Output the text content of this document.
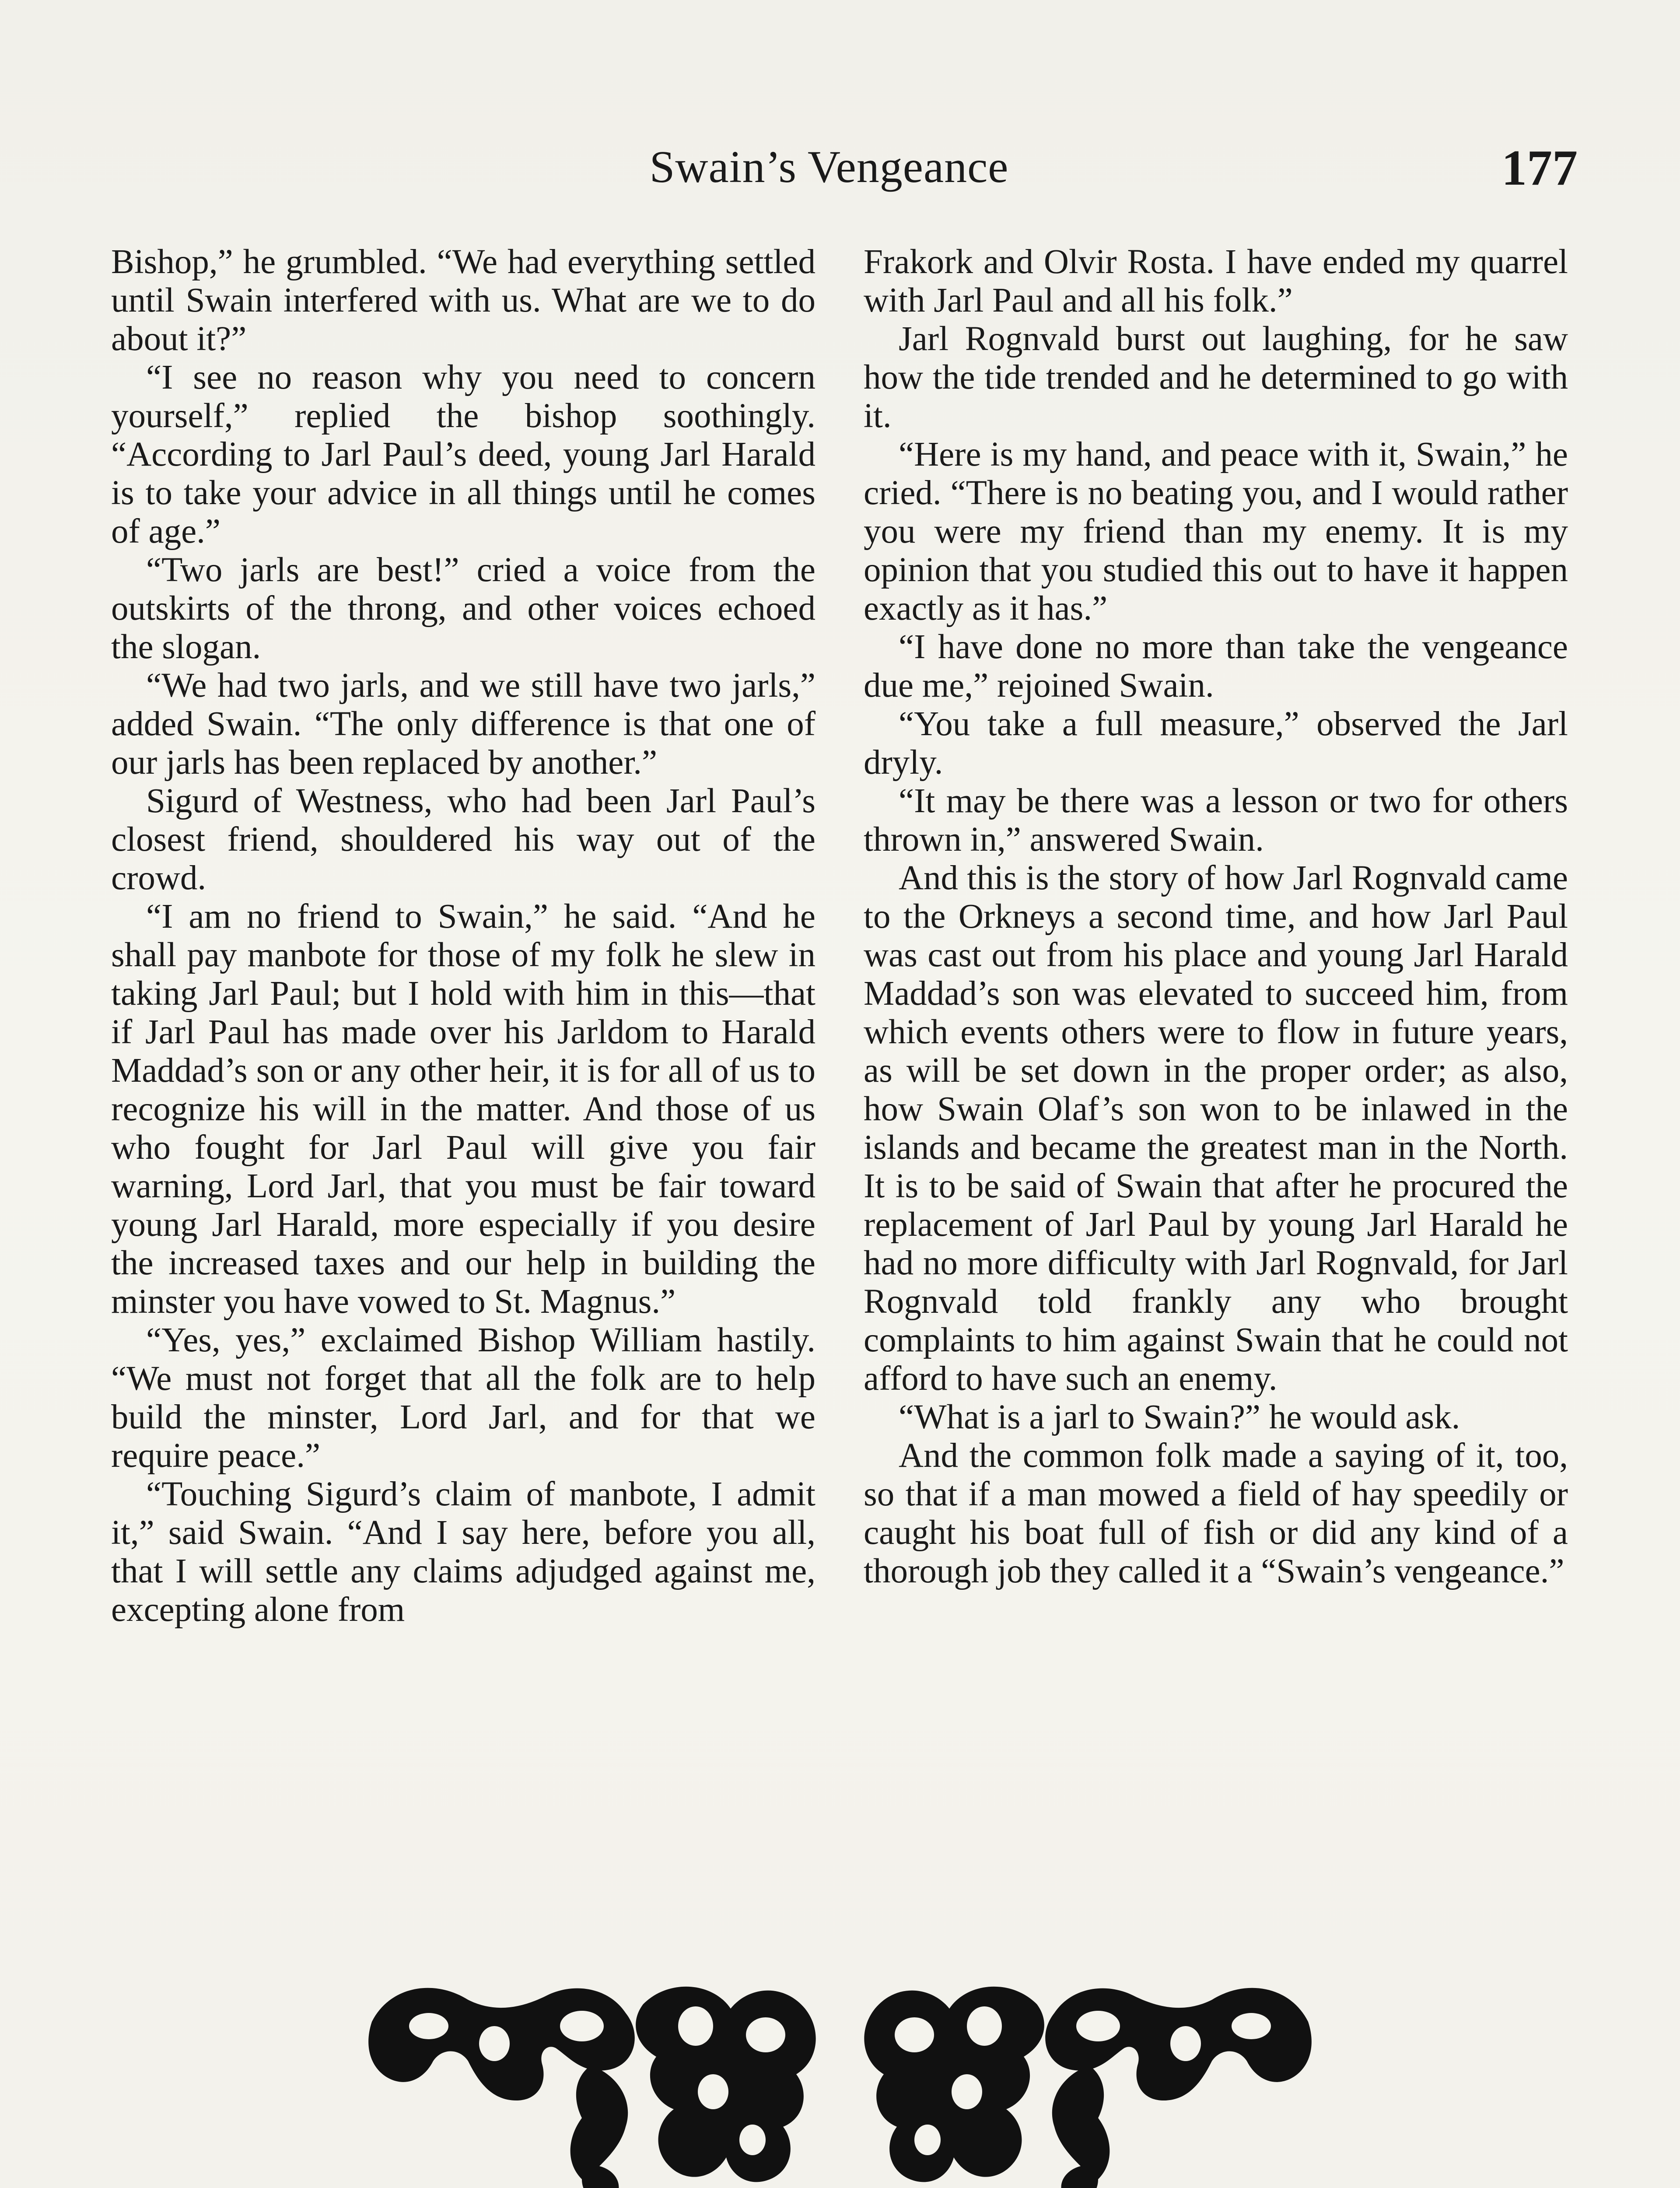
Swain’s Vengeance	177

Bishop,” he grumbled. “We had everything settled until Swain interfered with us. What are we to do about it?”

“I see no reason why you need to concern yourself,” replied the bishop soothingly. “According to Jarl Paul’s deed, young Jarl Harald is to take your advice in all things until he comes of age.”

“Two jarls are best!” cried a voice from the outskirts of the throng, and other voices echoed the slogan.

“We had two jarls, and we still have two jarls,” added Swain. “The only difference is that one of our jarls has been replaced by another.”

Sigurd of Westness, who had been Jarl Paul’s closest friend, shouldered his way out of the crowd.

“I am no friend to Swain,” he said. “And he shall pay manbote for those of my folk he slew in taking Jarl Paul; but I hold with him in this—that if Jarl Paul has made over his Jarldom to Harald Maddad’s son or any other heir, it is for all of us to recognize his will in the matter. And those of us who fought for Jarl Paul will give you fair warning, Lord Jarl, that you must be fair toward young Jarl Harald, more especially if you desire the increased taxes and our help in building the minster you have vowed to St. Magnus.”

“Yes, yes,” exclaimed Bishop William hastily. “We must not forget that all the folk are to help build the minster, Lord Jarl, and for that we require peace.”

“Touching Sigurd’s claim of manbote, I admit it,” said Swain. “And I say here, before you all, that I will settle any claims adjudged against me, excepting alone from

Frakork and Olvir Rosta. I have ended my quarrel with Jarl Paul and all his folk.”

Jarl Rognvald burst out laughing, for he saw how the tide trended and he determined to go with it.

“Here is my hand, and peace with it, Swain,” he cried. “There is no beating you, and I would rather you were my friend than my enemy. It is my opinion that you studied this out to have it happen exactly as it has.”

“I have done no more than take the vengeance due me,” rejoined Swain.

“You take a full measure,” observed the Jarl dryly.

“It may be there was a lesson or two for others thrown in,” answered Swain.

And this is the story of how Jarl Rognvald came to the Orkneys a second time, and how Jarl Paul was cast out from his place and young Jarl Harald Maddad’s son was elevated to succeed him, from which events others were to flow in future years, as will be set down in the proper order; as also, how Swain Olaf’s son won to be inlawed in the islands and became the greatest man in the North. It is to be said of Swain that after he procured the replacement of Jarl Paul by young Jarl Harald he had no more difficulty with Jarl Rognvald, for Jarl Rognvald told frankly any who brought complaints to him against Swain that he could not afford to have such an enemy.

“What is a jarl to Swain?” he would ask.

And the common folk made a saying of it, too, so that if a man mowed a field of hay speedily or caught his boat full of fish or did any kind of a thorough job they called it a “Swain’s vengeance.”
